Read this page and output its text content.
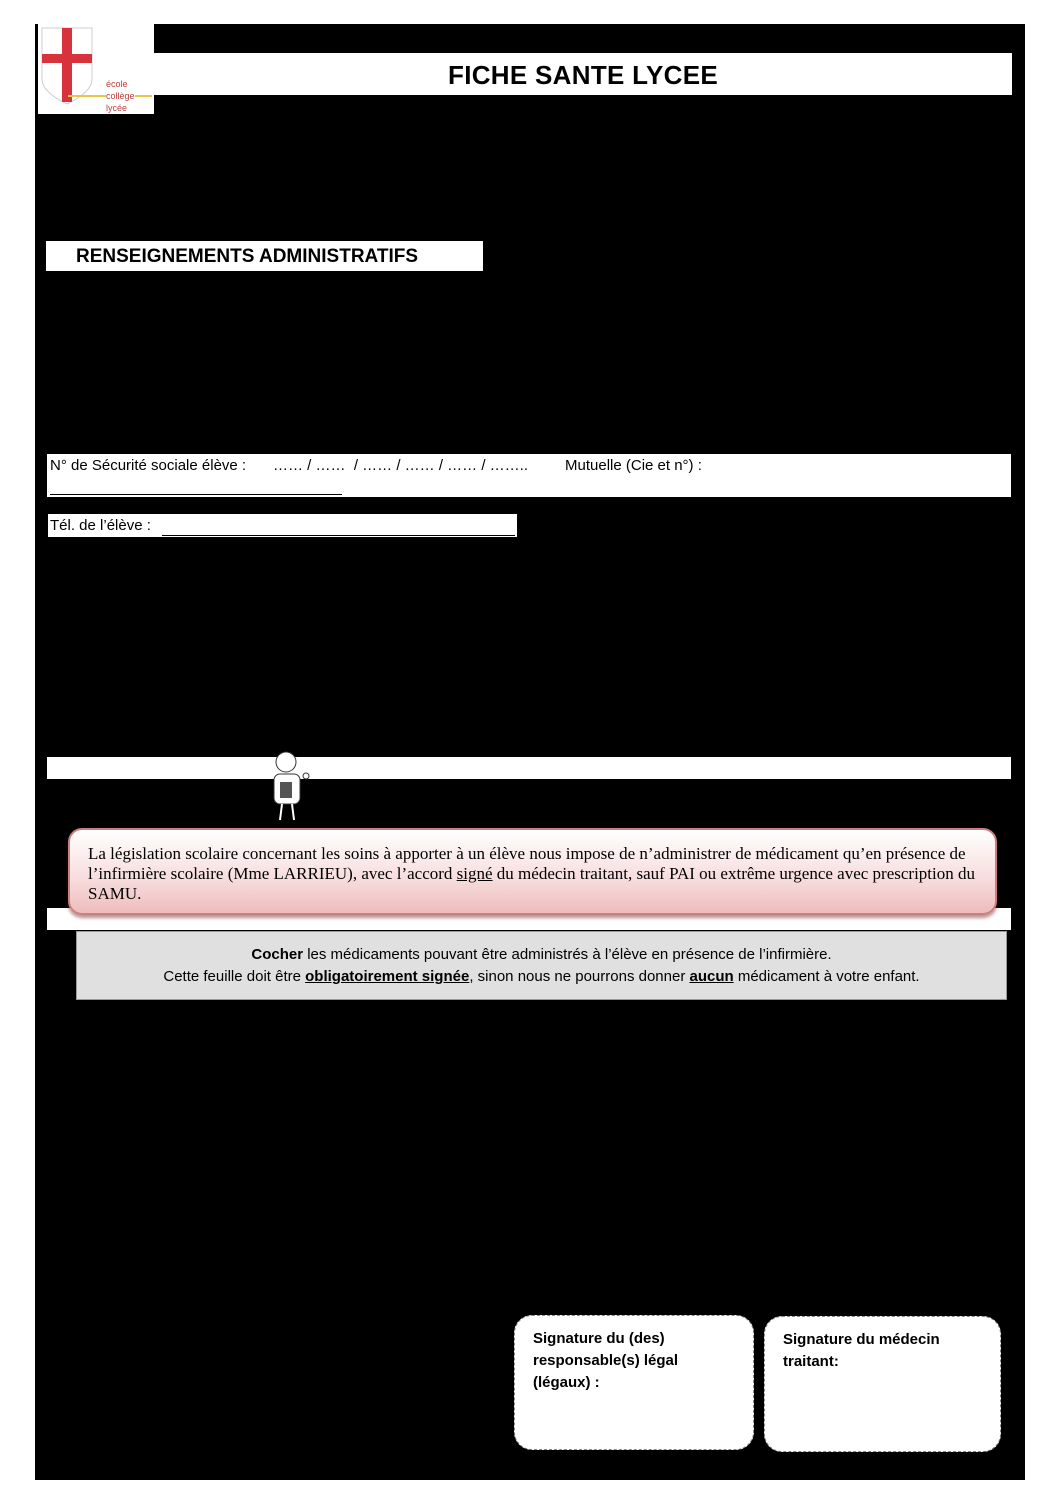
école
collège
lycée
FICHE SANTE LYCEE
RENSEIGNEMENTS ADMINISTRATIFS
N° de Sécurité sociale élève : …… / ……  / …… / …… / …… / …….. Mutuelle (Cie et n°) :
Tél. de l’élève :
La législation scolaire concernant les soins à apporter à un élève nous impose de n’administrer de médicament qu’en présence de l’infirmière scolaire (Mme LARRIEU), avec l’accord signé du médecin traitant, sauf PAI ou extrême urgence avec prescription du SAMU.
Cocher les médicaments pouvant être administrés à l’élève en présence de l’infirmière.
Cette feuille doit être obligatoirement signée, sinon nous ne pourrons donner aucun médicament à votre enfant.
Signature du (des) responsable(s) légal (légaux) :
Signature du médecin traitant:
